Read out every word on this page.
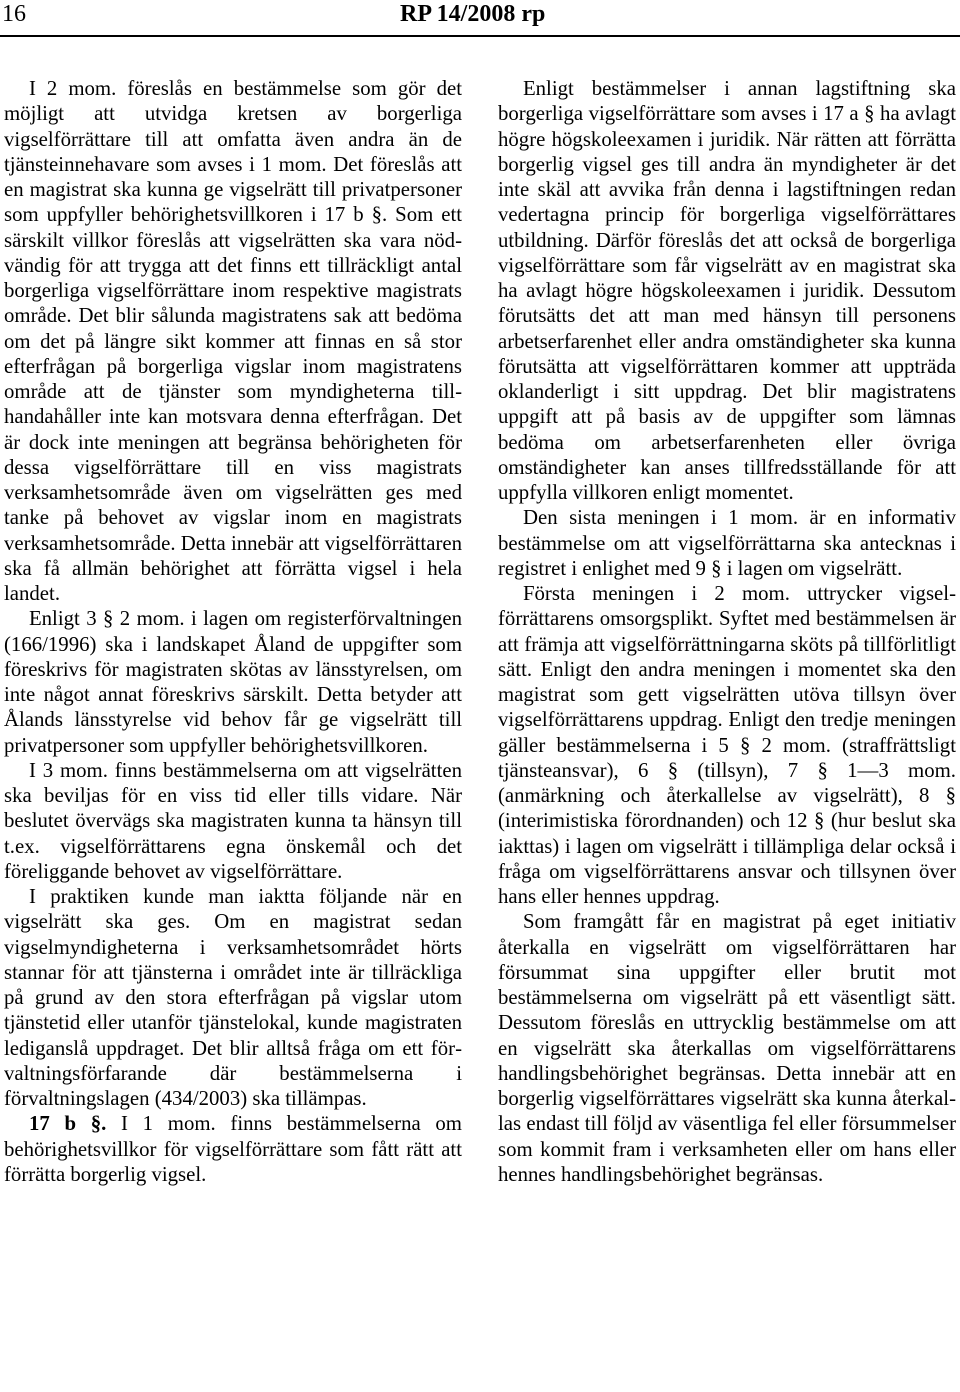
16	RP 14/2008 rp

I 2 mom. föreslås en bestämmelse som gör det möjligt att utvidga kretsen av borgerliga vigselförrättare till att omfatta även andra än de tjänsteinnehavare som avses i 1 mom. Det föreslås att en magistrat ska kunna ge vigselrätt till privatpersoner som uppfyller behörighetsvillkoren i 17 b §. Som ett särskilt villkor föreslås att vigselrätten ska vara nödvändig för att trygga att det finns ett tillräckligt antal borgerliga vigselförrättare inom respektive magistrats område. Det blir sålunda magistratens sak att bedöma om det på längre sikt kommer att finnas en så stor efterfrågan på borgerliga vigslar inom magistratens område att de tjänster som myndigheterna tillhandahåller inte kan motsvara denna efterfrågan. Det är dock inte meningen att begränsa behörigheten för dessa vigselförrättare till en viss magistrats verksamhetsområde även om vigselrätten ges med tanke på behovet av vigslar inom en magistrats verksamhetsområde. Detta innebär att vigselförrättaren ska få allmän behörighet att förrätta vigsel i hela landet.

Enligt 3 § 2 mom. i lagen om registerförvaltningen (166/1996) ska i landskapet Åland de uppgifter som föreskrivs för magistraten skötas av länsstyrelsen, om inte något annat föreskrivs särskilt. Detta betyder att Ålands länsstyrelse vid behov får ge vigselrätt till privatpersoner som uppfyller behörighetsvillkoren.

I 3 mom. finns bestämmelserna om att vigselrätten ska beviljas för en viss tid eller tills vidare. När beslutet övervägs ska magistraten kunna ta hänsyn till t.ex. vigselförrättarens egna önskemål och det föreliggande behovet av vigselförrättare.

I praktiken kunde man iaktta följande när en vigselrätt ska ges. Om en magistrat sedan vigselmyndigheterna i verksamhetsområdet hörts stannar för att tjänsterna i området inte är tillräckliga på grund av den stora efterfrågan på vigslar utom tjänstetid eller utanför tjänstelokal, kunde magistraten lediganslå uppdraget. Det blir alltså fråga om ett förvaltningsförfarande där bestämmelserna i förvaltningslagen (434/2003) ska tillämpas.

17 b §. I 1 mom. finns bestämmelserna om behörighetsvillkor för vigselförrättare som fått rätt att förrätta borgerlig vigsel.

Enligt bestämmelser i annan lagstiftning ska borgerliga vigselförrättare som avses i 17 a § ha avlagt högre högskoleexamen i juridik. När rätten att förrätta borgerlig vigsel ges till andra än myndigheter är det inte skäl att avvika från denna i lagstiftningen redan vedertagna princip för borgerliga vigselförrättares utbildning. Därför föreslås det att också de borgerliga vigselförrättare som får vigselrätt av en magistrat ska ha avlagt högre högskoleexamen i juridik. Dessutom förutsätts det att man med hänsyn till personens arbetserfarenhet eller andra omständigheter ska kunna förutsätta att vigselförrättaren kommer att uppträda oklanderligt i sitt uppdrag. Det blir magistratens uppgift att på basis av de uppgifter som lämnas bedöma om arbetserfarenheten eller övriga omständigheter kan anses tillfredsställande för att uppfylla villkoren enligt momentet.

Den sista meningen i 1 mom. är en informativ bestämmelse om att vigselförrättarna ska antecknas i registret i enlighet med 9 § i lagen om vigselrätt.

Första meningen i 2 mom. uttrycker vigselförrättarens omsorgsplikt. Syftet med bestämmelsen är att främja att vigselförrättningarna sköts på tillförlitligt sätt. Enligt den andra meningen i momentet ska den magistrat som gett vigselrätten utöva tillsyn över vigselförrättarens uppdrag. Enligt den tredje meningen gäller bestämmelserna i 5 § 2 mom. (straffrättsligt tjänsteansvar), 6 § (tillsyn), 7 § 1—3 mom. (anmärkning och återkallelse av vigselrätt), 8 § (interimistiska förordnanden) och 12 § (hur beslut ska iakttas) i lagen om vigselrätt i tillämpliga delar också i fråga om vigselförrättarens ansvar och tillsynen över hans eller hennes uppdrag.

Som framgått får en magistrat på eget initiativ återkalla en vigselrätt om vigselförrättaren har försummat sina uppgifter eller brutit mot bestämmelserna om vigselrätt på ett väsentligt sätt. Dessutom föreslås en uttrycklig bestämmelse om att en vigselrätt ska återkallas om vigselförrättarens handlingsbehörighet begränsas. Detta innebär att en borgerlig vigselförrättares vigselrätt ska kunna återkallas endast till följd av väsentliga fel eller försummelser som kommit fram i verksamheten eller om hans eller hennes handlingsbehörighet begränsas.
